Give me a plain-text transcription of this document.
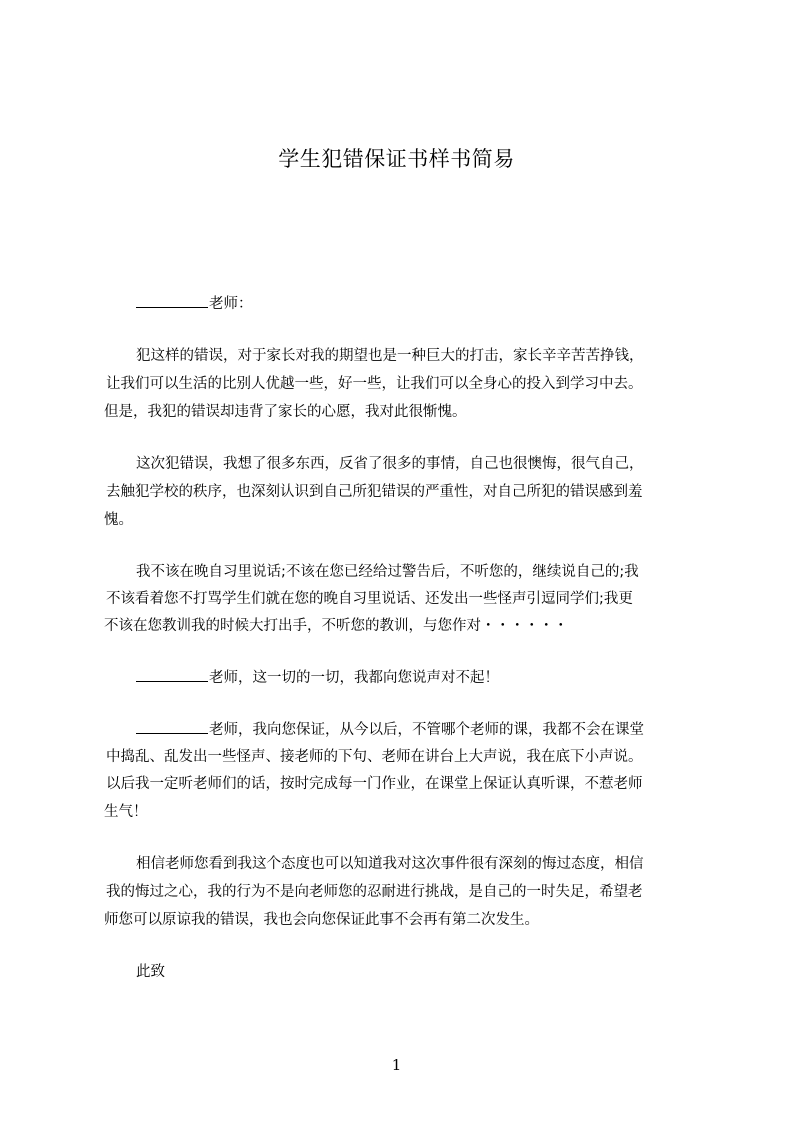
学生犯错保证书样书简易
老师：
犯这样的错误，对于家长对我的期望也是一种巨大的打击，家长辛辛苦苦挣钱，
让我们可以生活的比别人优越一些，好一些，让我们可以全身心的投入到学习中去。
但是，我犯的错误却违背了家长的心愿，我对此很惭愧。
这次犯错误，我想了很多东西，反省了很多的事情，自己也很懊悔，很气自己，
去触犯学校的秩序，也深刻认识到自己所犯错误的严重性，对自己所犯的错误感到羞
愧。
我不该在晚自习里说话;不该在您已经给过警告后，不听您的，继续说自己的;我
不该看着您不打骂学生们就在您的晚自习里说话、还发出一些怪声引逗同学们;我更
不该在您教训我的时候大打出手，不听您的教训，与您作对・・・・・・
老师，这一切的一切，我都向您说声对不起！
老师，我向您保证，从今以后，不管哪个老师的课，我都不会在课堂
中捣乱、乱发出一些怪声、接老师的下句、老师在讲台上大声说，我在底下小声说。
以后我一定听老师们的话，按时完成每一门作业，在课堂上保证认真听课，不惹老师
生气！
相信老师您看到我这个态度也可以知道我对这次事件很有深刻的悔过态度，相信
我的悔过之心，我的行为不是向老师您的忍耐进行挑战，是自己的一时失足，希望老
师您可以原谅我的错误，我也会向您保证此事不会再有第二次发生。
此致
1
